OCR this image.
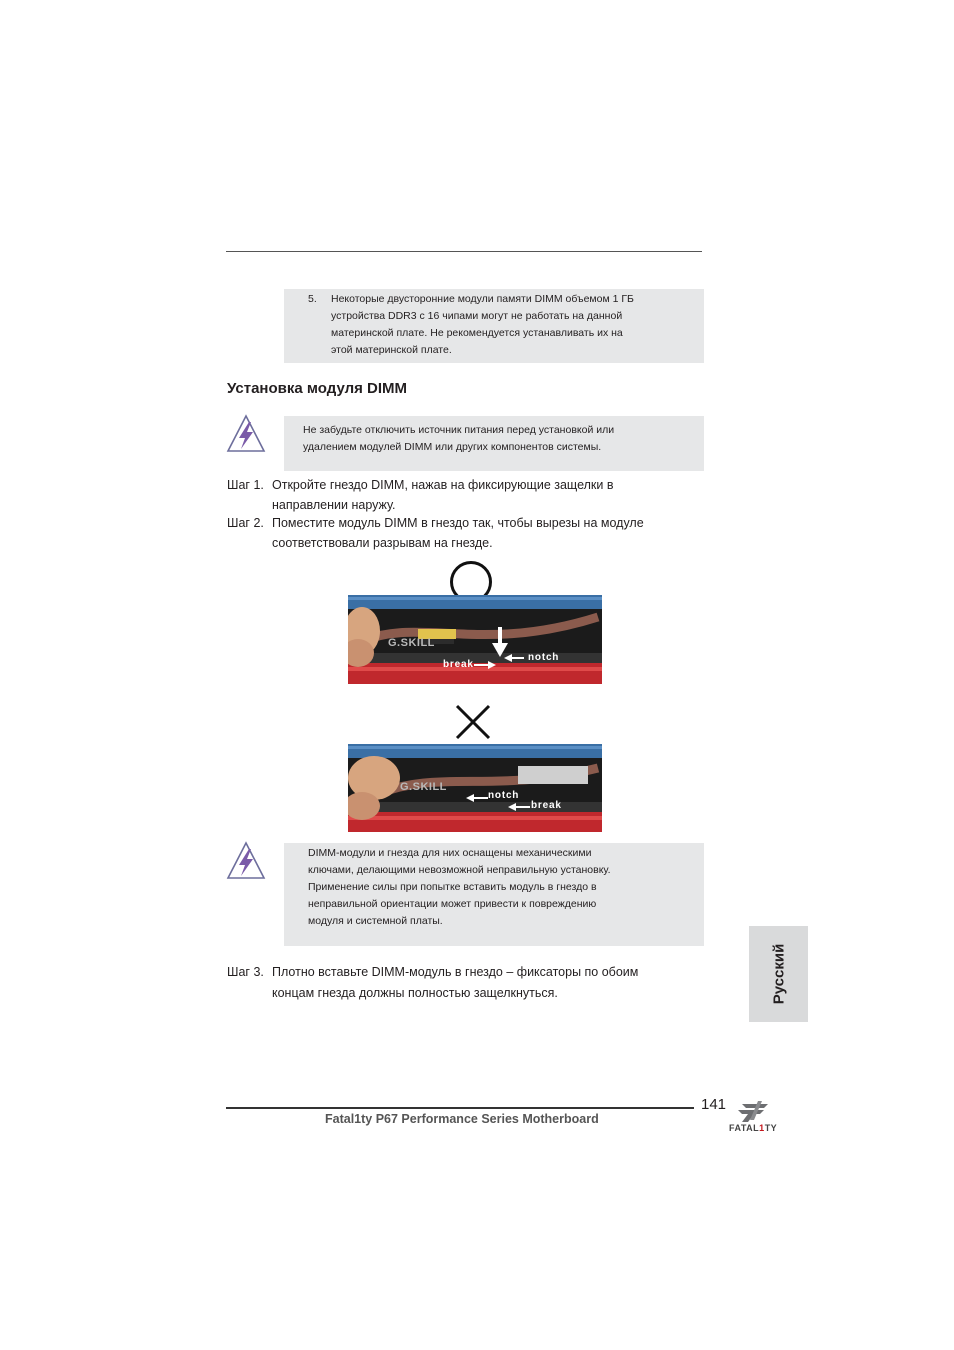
5. Некоторые двусторонние модули памяти DIMM объемом 1 ГБ
устройства DDR3 с 16 чипами могут не работать на данной
материнской плате. Не рекомендуется устанавливать их на
этой материнской плате.
Установка модуля DIMM
Не забудьте отключить источник питания перед установкой или
удалением модулей DIMM или других компонентов системы.
Шаг 1. Откройте гнездо DIMM, нажав на фиксирующие защелки в
направлении наружу.
Шаг 2. Поместите модуль DIMM в гнездо так, чтобы вырезы на модуле
соответствовали разрывам на гнезде.
G.SKILL
notch
break
G.SKILL
notch
break
DIMM-модули и гнезда для них оснащены механическими
ключами, делающими невозможной неправильную установку.
Применение силы при попытке вставить модуль в гнездо в
неправильной ориентации может привести к повреждению
модуля и системной платы.
Русский
Шаг 3. Плотно вставьте DIMM-модуль в гнездо – фиксаторы по обоим
концам гнезда должны полностью защелкнуться.
Fatal1ty P67 Performance Series Motherboard
141
FATAL1TY
